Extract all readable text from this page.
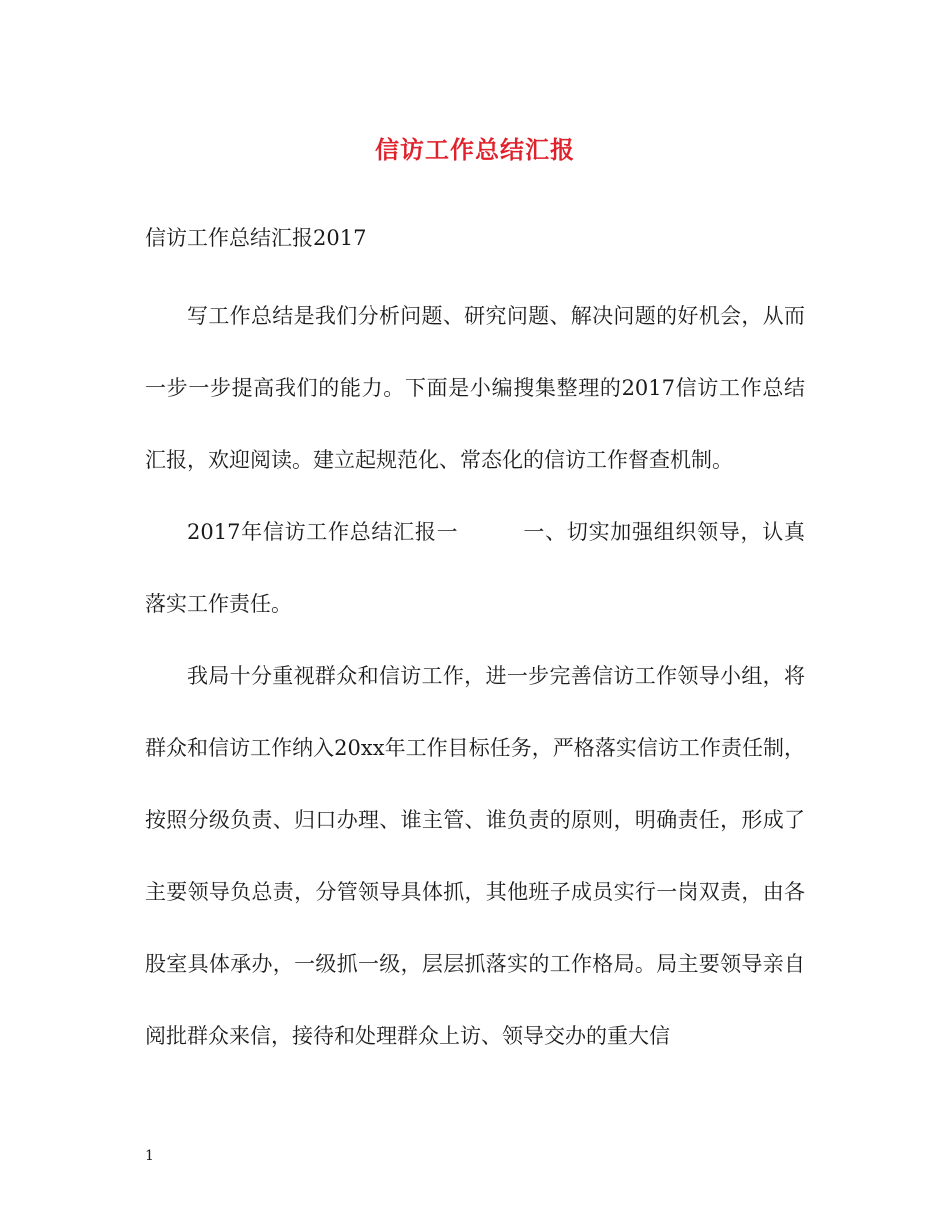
信访工作总结汇报
信访工作总结汇报2017

写工作总结是我们分析问题、研究问题、解决问题的好机会，从而一步一步提高我们的能力。下面是小编搜集整理的2017信访工作总结汇报，欢迎阅读。建立起规范化、常态化的信访工作督查机制。

2017年信访工作总结汇报一　　　一、切实加强组织领导，认真落实工作责任。

我局十分重视群众和信访工作，进一步完善信访工作领导小组，将群众和信访工作纳入20xx年工作目标任务，严格落实信访工作责任制，按照分级负责、归口办理、谁主管、谁负责的原则，明确责任，形成了主要领导负总责，分管领导具体抓，其他班子成员实行一岗双责，由各股室具体承办，一级抓一级，层层抓落实的工作格局。局主要领导亲自阅批群众来信，接待和处理群众上访、领导交办的重大信

1
